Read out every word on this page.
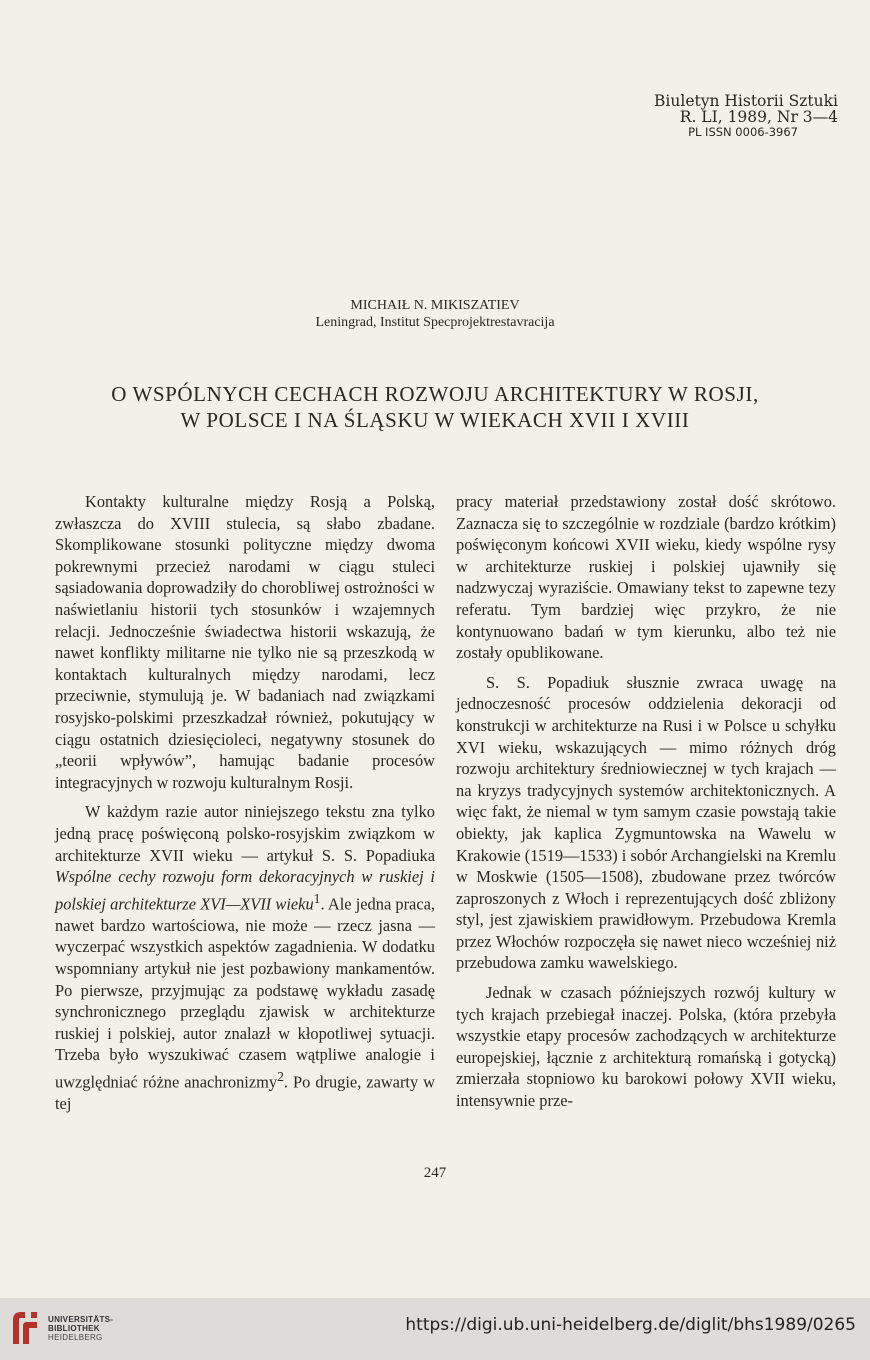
Biuletyn Historii Sztuki
R. LI, 1989, Nr 3—4
PL ISSN 0006-3967
MICHAIŁ N. MIKISZATIEV
Leningrad, Institut Specprojektrestavracija
O WSPÓLNYCH CECHACH ROZWOJU ARCHITEKTURY W ROSJI,
W POLSCE I NA ŚLĄSKU W WIEKACH XVII I XVIII

Kontakty kulturalne między Rosją a Polską, zwłaszcza do XVIII stulecia, są słabo zbadane. Skomplikowane stosunki polityczne między dwoma pokrewnymi przecież narodami w ciągu stuleci sąsiadowania doprowadziły do chorobliwej ostrożności w naświetlaniu historii tych stosunków i wzajemnych relacji. Jednocześnie świadectwa historii wskazują, że nawet konflikty militarne nie tylko nie są przeszkodą w kontaktach kulturalnych między narodami, lecz przeciwnie, stymulują je. W badaniach nad związkami rosyjsko-polskimi przeszkadzał również, pokutujący w ciągu ostatnich dziesięcioleci, negatywny stosunek do „teorii wpływów”, hamując badanie procesów integracyjnych w rozwoju kulturalnym Rosji.

W każdym razie autor niniejszego tekstu zna tylko jedną pracę poświęconą polsko-rosyjskim związkom w architekturze XVII wieku — artykuł S. S. Popadiuka Wspólne cechy rozwoju form dekoracyjnych w ruskiej i polskiej architekturze XVI—XVII wieku$^1$. Ale jedna praca, nawet bardzo wartościowa, nie może — rzecz jasna — wyczerpać wszystkich aspektów zagadnienia. W dodatku wspomniany artykuł nie jest pozbawiony mankamentów. Po pierwsze, przyjmując za podstawę wykładu zasadę synchronicznego przeglądu zjawisk w architekturze ruskiej i polskiej, autor znalazł w kłopotliwej sytuacji. Trzeba było wyszukiwać czasem wątpliwe analogie i uwzględniać różne anachronizmy$^2$. Po drugie, zawarty w tej

pracy materiał przedstawiony został dość skrótowo. Zaznacza się to szczególnie w rozdziale (bardzo krótkim) poświęconym końcowi XVII wieku, kiedy wspólne rysy w architekturze ruskiej i polskiej ujawniły się nadzwyczaj wyraziście. Omawiany tekst to zapewne tezy referatu. Tym bardziej więc przykro, że nie kontynuowano badań w tym kierunku, albo też nie zostały opublikowane.

S. S. Popadiuk słusznie zwraca uwagę na jednoczesność procesów oddzielenia dekoracji od konstrukcji w architekturze na Rusi i w Polsce u schyłku XVI wieku, wskazujących — mimo różnych dróg rozwoju architektury średniowiecznej w tych krajach — na kryzys tradycyjnych systemów architektonicznych. A więc fakt, że niemal w tym samym czasie powstają takie obiekty, jak kaplica Zygmuntowska na Wawelu w Krakowie (1519—1533) i sobór Archangielski na Kremlu w Moskwie (1505—1508), zbudowane przez twórców zaproszonych z Włoch i reprezentujących dość zbliżony styl, jest zjawiskiem prawidłowym. Przebudowa Kremla przez Włochów rozpoczęła się nawet nieco wcześniej niż przebudowa zamku wawelskiego.

Jednak w czasach późniejszych rozwój kultury w tych krajach przebiegał inaczej. Polska, (która przebyła wszystkie etapy procesów zachodzących w architekturze europejskiej, łącznie z architekturą romańską i gotycką) zmierzała stopniowo ku barokowi połowy XVII wieku, intensywnie prze-

247
UNIVERSITÄTS-
BIBLIOTHEK
HEIDELBERG
https://digi.ub.uni-heidelberg.de/diglit/bhs1989/0265
